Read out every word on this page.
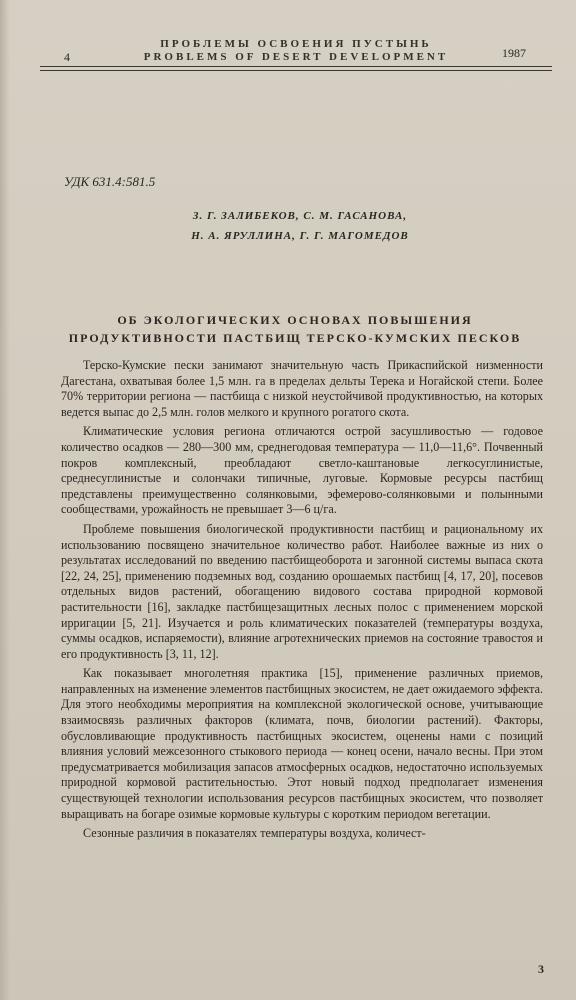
4
ПРОБЛЕМЫ ОСВОЕНИЯ ПУСТЫНЬ
PROBLEMS OF DESERT DEVELOPMENT	1987
УДК 631.4:581.5
З. Г. ЗАЛИБЕКОВ, С. М. ГАСАНОВА,
Н. А. ЯРУЛЛИНА, Г. Г. МАГОМЕДОВ
ОБ ЭКОЛОГИЧЕСКИХ ОСНОВАХ ПОВЫШЕНИЯ
ПРОДУКТИВНОСТИ ПАСТБИЩ ТЕРСКО-КУМСКИХ ПЕСКОВ

Терско-Кумские пески занимают значительную часть Прикаспийской низменности Дагестана, охватывая более 1,5 млн. га в пределах дельты Терека и Ногайской степи. Более 70% территории региона — пастбища с низкой неустойчивой продуктивностью, на которых ведется выпас до 2,5 млн. голов мелкого и крупного рогатого скота.

Климатические условия региона отличаются острой засушливостью — годовое количество осадков — 280—300 мм, среднегодовая температура — 11,0—11,6°. Почвенный покров комплексный, преобладают светло-каштановые легкосуглинистые, среднесуглинистые и солончаки типичные, луговые. Кормовые ресурсы пастбищ представлены преимущественно солянковыми, эфемерово-солянковыми и полынными сообществами, урожайность не превышает 3—6 ц/га.

Проблеме повышения биологической продуктивности пастбищ и рациональному их использованию посвящено значительное количество работ. Наиболее важные из них о результатах исследований по введению пастбищеоборота и загонной системы выпаса скота [22, 24, 25], применению подземных вод, созданию орошаемых пастбищ [4, 17, 20], посевов отдельных видов растений, обогащению видового состава природной кормовой растительности [16], закладке пастбищезащитных лесных полос с применением морской ирригации [5, 21]. Изучается и роль климатических показателей (температуры воздуха, суммы осадков, испаряемости), влияние агротехнических приемов на состояние травостоя и его продуктивность [3, 11, 12].

Как показывает многолетняя практика [15], применение различных приемов, направленных на изменение элементов пастбищных экосистем, не дает ожидаемого эффекта. Для этого необходимы мероприятия на комплексной экологической основе, учитывающие взаимосвязь различных факторов (климата, почв, биологии растений). Факторы, обусловливающие продуктивность пастбищных экосистем, оценены нами с позиций влияния условий межсезонного стыкового периода — конец осени, начало весны. При этом предусматривается мобилизация запасов атмосферных осадков, недостаточно используемых природной кормовой растительностью. Этот новый подход предполагает изменения существующей технологии использования ресурсов пастбищных экосистем, что позволяет выращивать на богаре озимые кормовые культуры с коротким периодом вегетации.

Сезонные различия в показателях температуры воздуха, количест-

3
